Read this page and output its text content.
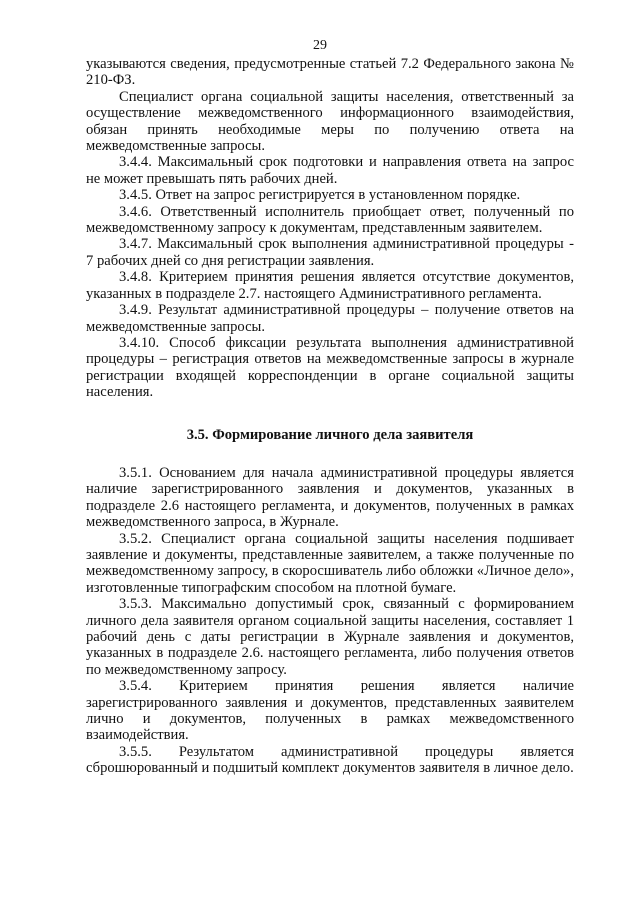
29

указываются сведения, предусмотренные статьей 7.2 Федерального закона № 210-ФЗ.

Специалист органа социальной защиты населения, ответственный за осуществление межведомственного информационного взаимодействия, обязан принять необходимые меры по получению ответа на межведомственные запросы.

3.4.4. Максимальный срок подготовки и направления ответа на запрос не может превышать пять рабочих дней.

3.4.5. Ответ на запрос регистрируется в установленном порядке.

3.4.6. Ответственный исполнитель приобщает ответ, полученный по межведомственному запросу к документам, представленным заявителем.

3.4.7. Максимальный срок выполнения административной процедуры - 7 рабочих дней со дня регистрации заявления.

3.4.8. Критерием принятия решения является отсутствие документов, указанных в подразделе 2.7. настоящего Административного регламента.

3.4.9. Результат административной процедуры – получение ответов на межведомственные запросы.

3.4.10. Способ фиксации результата выполнения административной процедуры – регистрация ответов на межведомственные запросы в журнале регистрации входящей корреспонденции в органе социальной защиты населения.

3.5. Формирование личного дела заявителя

3.5.1. Основанием для начала административной процедуры является наличие зарегистрированного заявления и документов, указанных в подразделе 2.6 настоящего регламента, и документов, полученных в рамках межведомственного запроса, в Журнале.

3.5.2. Специалист органа социальной защиты населения подшивает заявление и документы, представленные заявителем, а также полученные по межведомственному запросу, в скоросшиватель либо обложки «Личное дело», изготовленные типографским способом на плотной бумаге.

3.5.3. Максимально допустимый срок, связанный с формированием личного дела заявителя органом социальной защиты населения, составляет 1 рабочий день с даты регистрации в Журнале заявления и документов, указанных в подразделе 2.6. настоящего регламента, либо получения ответов по межведомственному запросу.

3.5.4. Критерием принятия решения является наличие зарегистрированного заявления и документов, представленных заявителем лично и документов, полученных в рамках межведомственного взаимодействия.

3.5.5. Результатом административной процедуры является сброшюрованный и подшитый комплект документов заявителя в личное дело.
